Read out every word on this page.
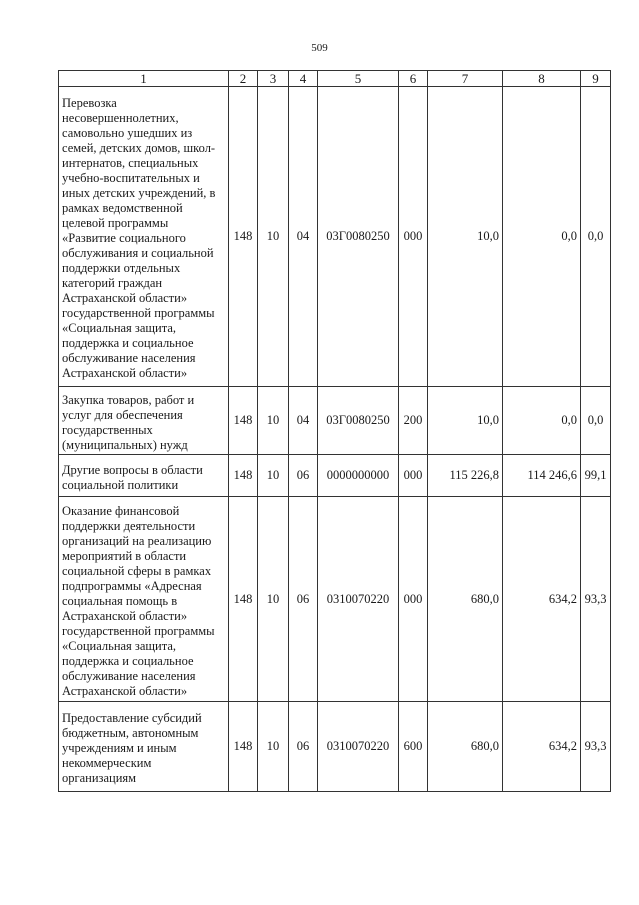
509
1	2	3	4	5	6	7	8	9

Перевозка несовершеннолетних, самовольно ушедших из семей, детских домов, школ-интернатов, специальных учебно-воспитательных и иных детских учреждений, в рамках ведомственной целевой программы «Развитие социального обслуживания и социальной поддержки отдельных категорий граждан Астраханской области» государственной программы «Социальная защита, поддержка и социальное обслуживание населения Астраханской области»	148	10	04	03Г0080250	000	10,0	0,0	0,0

Закупка товаров, работ и услуг для обеспечения государственных (муниципальных) нужд	148	10	04	03Г0080250	200	10,0	0,0	0,0

Другие вопросы в области социальной политики	148	10	06	0000000000	000	115 226,8	114 246,6	99,1

Оказание финансовой поддержки деятельности организаций на реализацию мероприятий в области социальной сферы в рамках подпрограммы «Адресная социальная помощь в Астраханской области» государственной программы «Социальная защита, поддержка и социальное обслуживание населения Астраханской области»	148	10	06	0310070220	000	680,0	634,2	93,3

Предоставление субсидий бюджетным, автономным учреждениям и иным некоммерческим организациям	148	10	06	0310070220	600	680,0	634,2	93,3
